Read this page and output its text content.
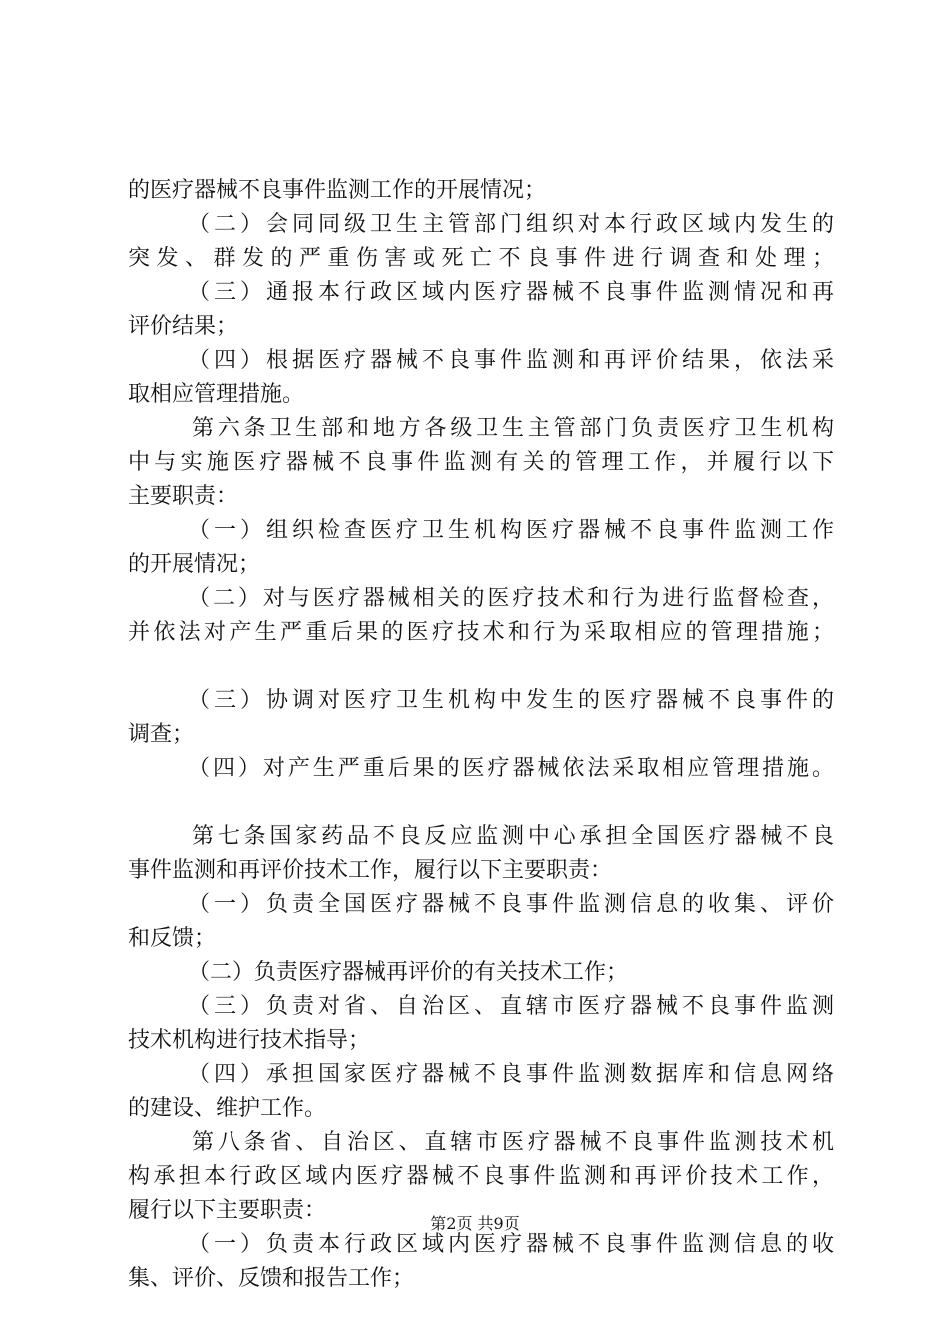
的医疗器械不良事件监测工作的开展情况；
（二）会同同级卫生主管部门组织对本行政区域内发生的
突发、群发的严重伤害或死亡不良事件进行调查和处理；
（三）通报本行政区域内医疗器械不良事件监测情况和再
评价结果；
（四）根据医疗器械不良事件监测和再评价结果，依法采
取相应管理措施。
第六条卫生部和地方各级卫生主管部门负责医疗卫生机构
中与实施医疗器械不良事件监测有关的管理工作，并履行以下
主要职责：
（一）组织检查医疗卫生机构医疗器械不良事件监测工作
的开展情况；
（二）对与医疗器械相关的医疗技术和行为进行监督检查，
并依法对产生严重后果的医疗技术和行为采取相应的管理措施；
（三）协调对医疗卫生机构中发生的医疗器械不良事件的
调查；
（四）对产生严重后果的医疗器械依法采取相应管理措施。
第七条国家药品不良反应监测中心承担全国医疗器械不良
事件监测和再评价技术工作，履行以下主要职责：
（一）负责全国医疗器械不良事件监测信息的收集、评价
和反馈；
（二）负责医疗器械再评价的有关技术工作；
（三）负责对省、自治区、直辖市医疗器械不良事件监测
技术机构进行技术指导；
（四）承担国家医疗器械不良事件监测数据库和信息网络
的建设、维护工作。
第八条省、自治区、直辖市医疗器械不良事件监测技术机
构承担本行政区域内医疗器械不良事件监测和再评价技术工作，
履行以下主要职责：
（一）负责本行政区域内医疗器械不良事件监测信息的收
集、评价、反馈和报告工作；
第2页 共9页
